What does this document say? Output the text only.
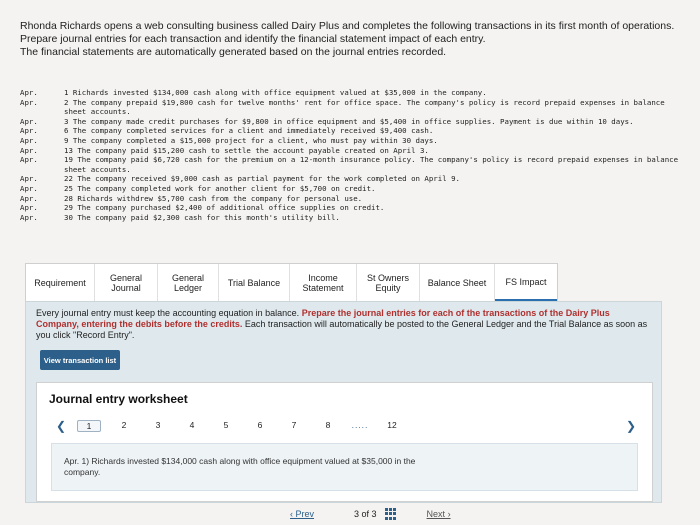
Rhonda Richards opens a web consulting business called Dairy Plus and completes the following transactions in its first month of operations.

Prepare journal entries for each transaction and identify the financial statement impact of each entry.

The financial statements are automatically generated based on the journal entries recorded.

Apr.	1 Richards invested $134,000 cash along with office equipment valued at $35,000 in the company.
Apr.	2 The company prepaid $19,800 cash for twelve months' rent for office space. The company's policy is record prepaid expenses in balance sheet accounts.
Apr.	3 The company made credit purchases for $9,800 in office equipment and $5,400 in office supplies. Payment is due within 10 days.
Apr.	6 The company completed services for a client and immediately received $9,400 cash.
Apr.	9 The company completed a $15,000 project for a client, who must pay within 30 days.
Apr.	13 The company paid $15,200 cash to settle the account payable created on April 3.
Apr.	19 The company paid $6,720 cash for the premium on a 12-month insurance policy. The company's policy is record prepaid expenses in balance sheet accounts.
Apr.	22 The company received $9,000 cash as partial payment for the work completed on April 9.
Apr.	25 The company completed work for another client for $5,700 on credit.
Apr.	28 Richards withdrew $5,700 cash from the company for personal use.
Apr.	29 The company purchased $2,400 of additional office supplies on credit.
Apr.	30 The company paid $2,300 cash for this month's utility bill.
Requirement	General Journal
General Ledger	Trial Balance	Income Statement
St Owners Equity	Balance Sheet	FS Impact
Every journal entry must keep the accounting equation in balance. Prepare the journal entries for each of the transactions of the Dairy Plus Company, entering the debits before the credits. Each transaction will automatically be posted to the General Ledger and the Trial Balance as soon as you click "Record Entry".
View transaction list
Journal entry worksheet
❮	1	2	3	4	5	6	7	8	.....	12	❯
Apr. 1) Richards invested $134,000 cash along with office equipment valued at $35,000 in the company.
‹ Prev	3 of 3	Next ›
